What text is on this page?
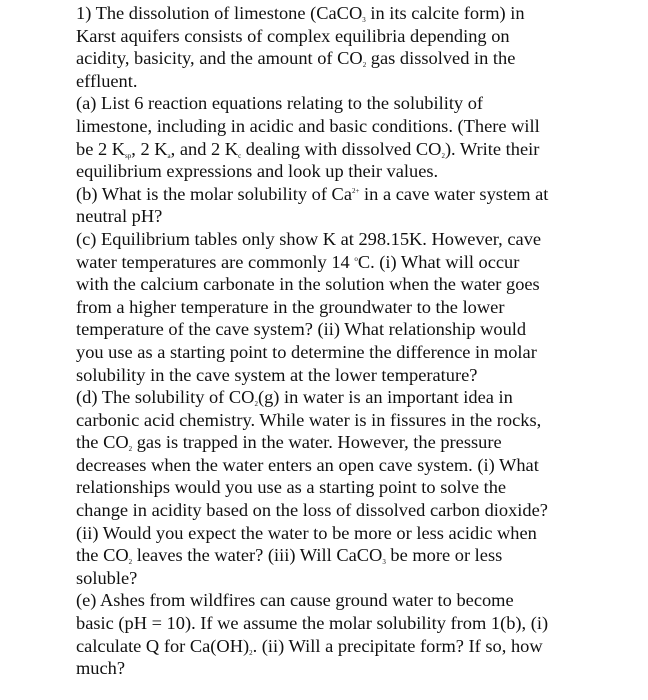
1) The dissolution of limestone (CaCO3 in its calcite form) in
Karst aquifers consists of complex equilibria depending on
acidity, basicity, and the amount of CO2 gas dissolved in the
effluent.
(a) List 6 reaction equations relating to the solubility of
limestone, including in acidic and basic conditions. (There will
be 2 Ksp, 2 Ka, and 2 Kc dealing with dissolved CO2). Write their
equilibrium expressions and look up their values.
(b) What is the molar solubility of $Ca^{2+}$ in a cave water system at
neutral pH?
(c) Equilibrium tables only show K at 298.15K. However, cave
water temperatures are commonly 14 $^o$C. (i) What will occur
with the calcium carbonate in the solution when the water goes
from a higher temperature in the groundwater to the lower
temperature of the cave system? (ii) What relationship would
you use as a starting point to determine the difference in molar
solubility in the cave system at the lower temperature?
(d) The solubility of CO2(g) in water is an important idea in
carbonic acid chemistry. While water is in fissures in the rocks,
the CO2 gas is trapped in the water. However, the pressure
decreases when the water enters an open cave system. (i) What
relationships would you use as a starting point to solve the
change in acidity based on the loss of dissolved carbon dioxide?
(ii) Would you expect the water to be more or less acidic when
the CO2 leaves the water? (iii) Will CaCO3 be more or less
soluble?
(e) Ashes from wildfires can cause ground water to become
basic (pH = 10). If we assume the molar solubility from 1(b), (i)
calculate Q for Ca(OH)2. (ii) Will a precipitate form? If so, how
much?
